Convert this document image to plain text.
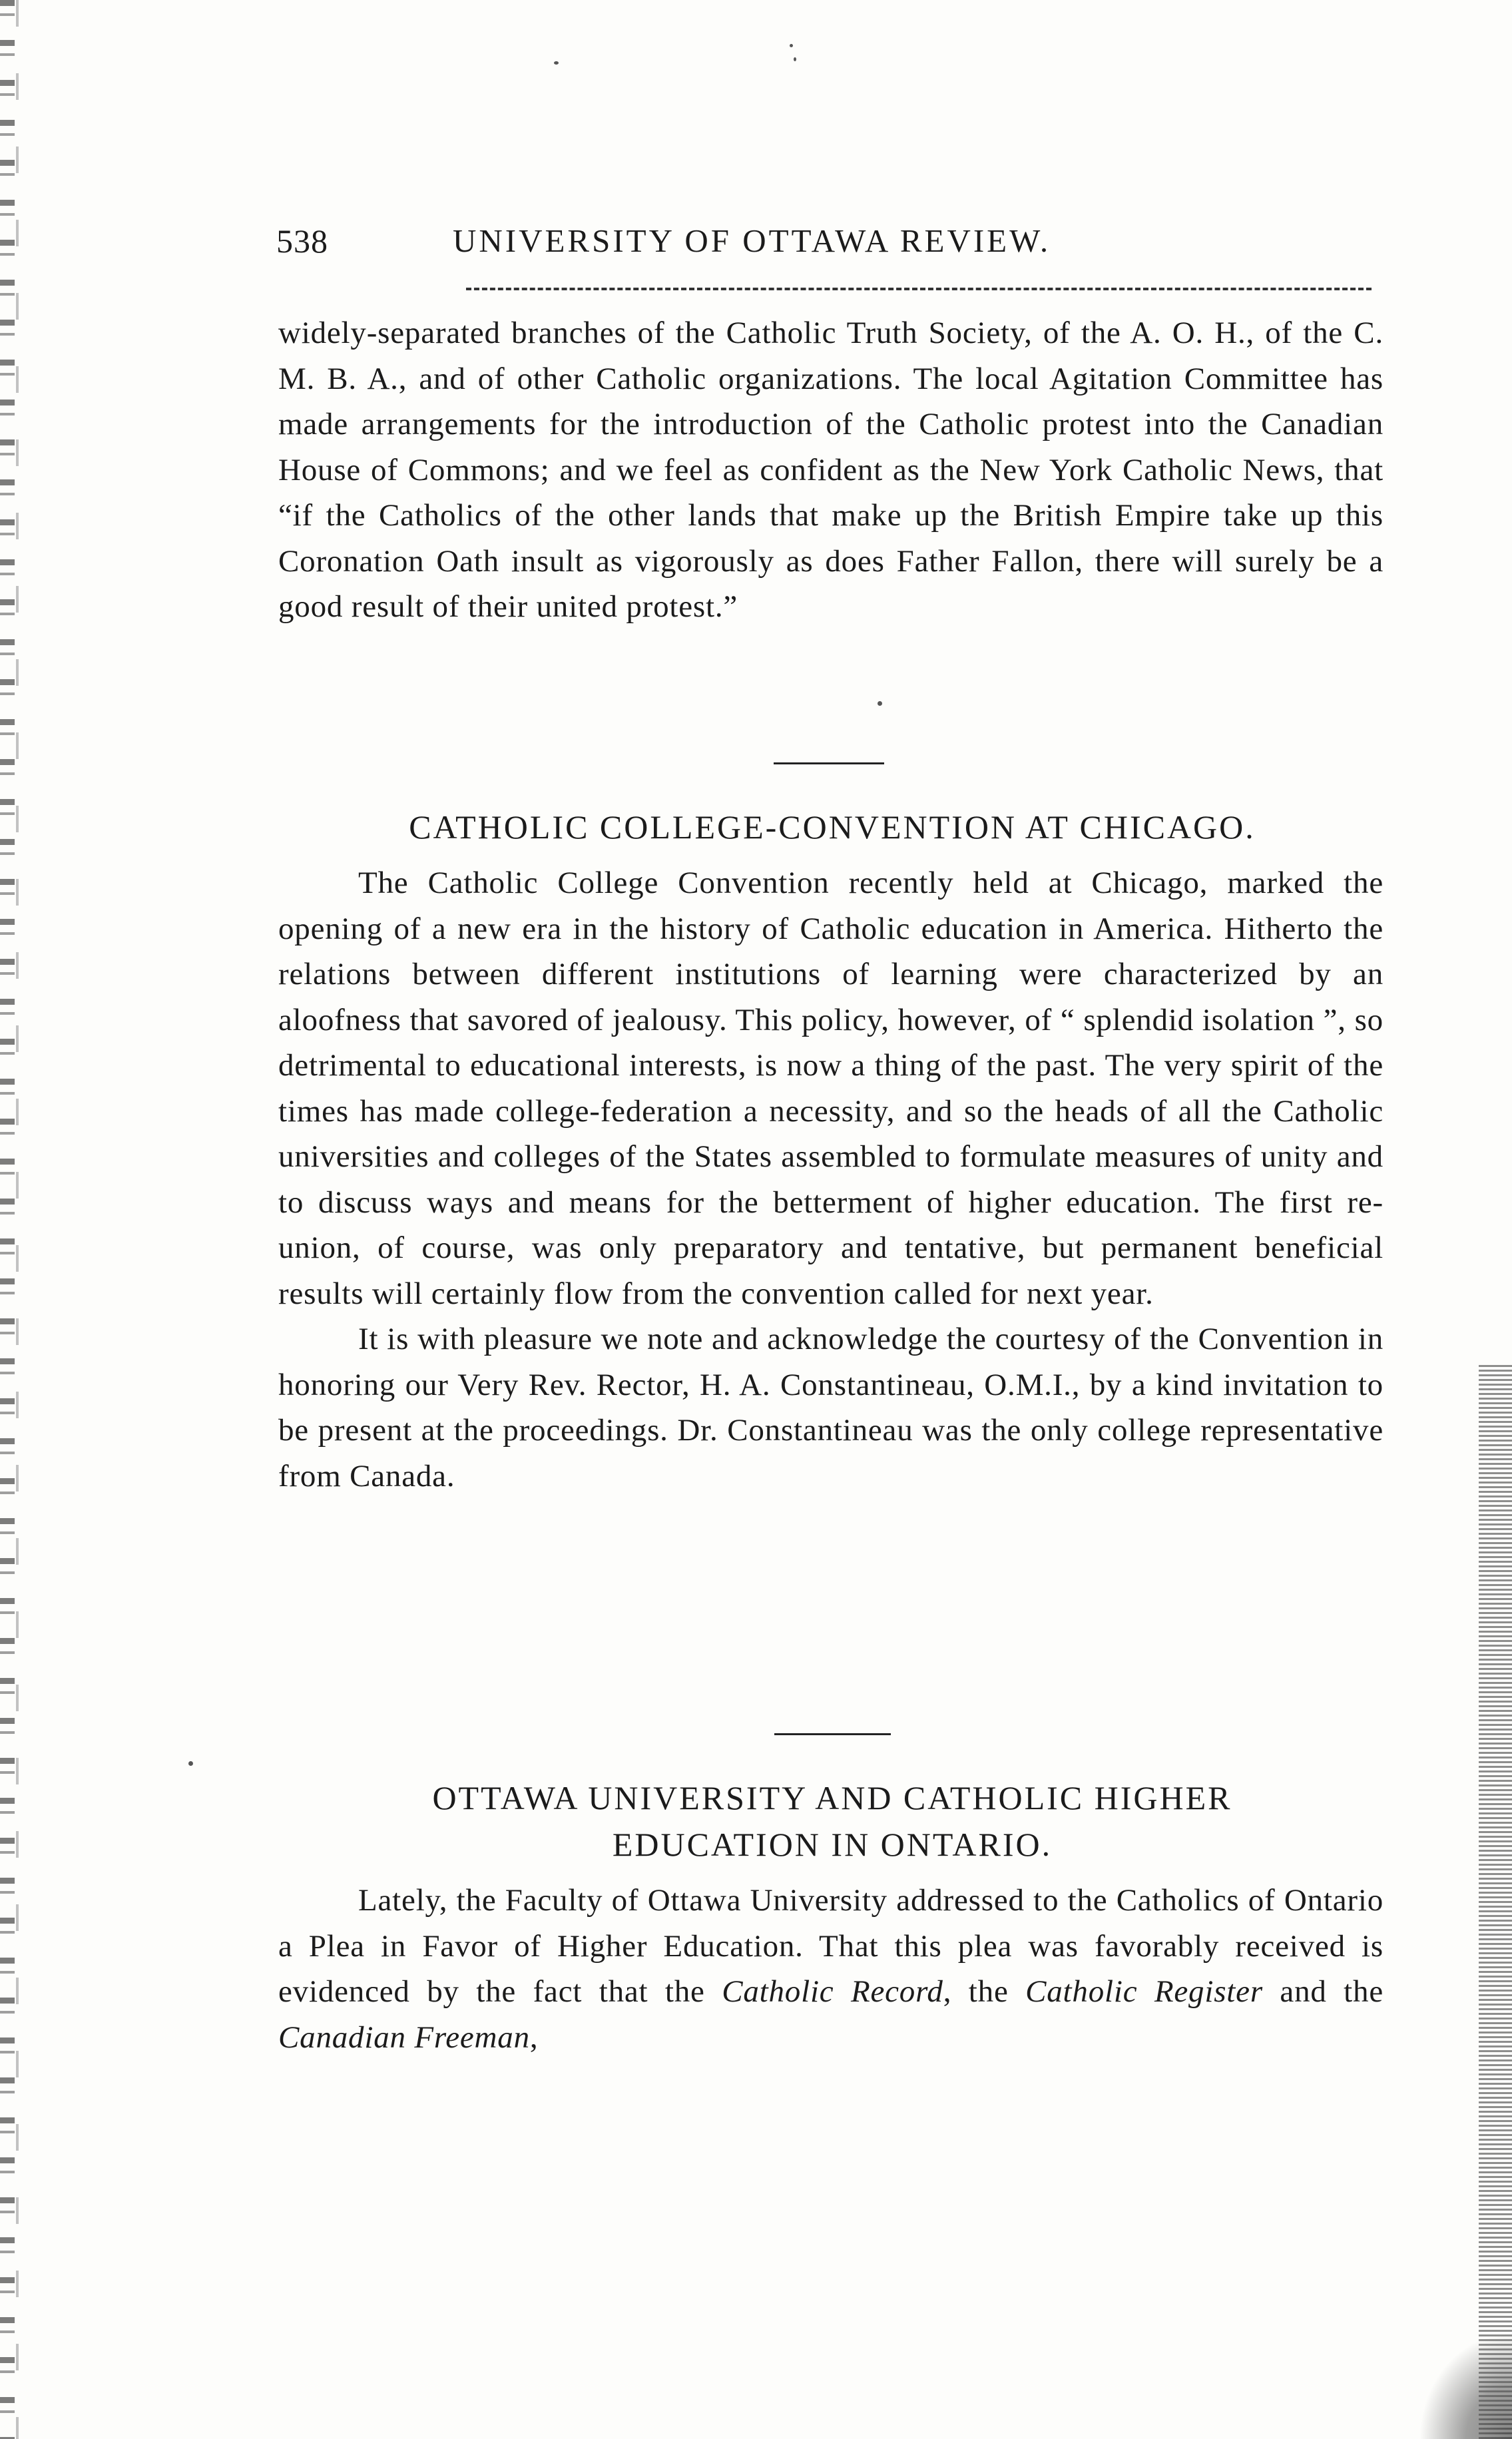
538	UNIVERSITY OF OTTAWA REVIEW.

widely-separated branches of the Catholic Truth Society, of the A. O. H., of the C. M. B. A., and of other Catholic organizations. The local Agitation Committee has made arrangements for the introduction of the Catholic protest into the Canadian House of Commons; and we feel as confident as the New York Catholic News, that “if the Catholics of the other lands that make up the British Empire take up this Coronation Oath insult as vigorously as does Father Fallon, there will surely be a good result of their united protest.”

CATHOLIC COLLEGE-CONVENTION AT CHICAGO.

The Catholic College Convention recently held at Chicago, marked the opening of a new era in the history of Catholic education in America. Hitherto the relations between different institutions of learning were characterized by an aloofness that savored of jealousy. This policy, however, of “ splendid isolation ”, so detrimental to educational interests, is now a thing of the past. The very spirit of the times has made college-federation a necessity, and so the heads of all the Catholic universities and colleges of the States assembled to formulate measures of unity and to discuss ways and means for the betterment of higher education. The first re-union, of course, was only preparatory and tentative, but permanent beneficial results will certainly flow from the convention called for next year.

It is with pleasure we note and acknowledge the courtesy of the Convention in honoring our Very Rev. Rector, H. A. Constantineau, O.M.I., by a kind invitation to be present at the proceedings. Dr. Constantineau was the only college representative from Canada.

OTTAWA UNIVERSITY AND CATHOLIC HIGHER
EDUCATION IN ONTARIO.

Lately, the Faculty of Ottawa University addressed to the Catholics of Ontario a Plea in Favor of Higher Education. That this plea was favorably received is evidenced by the fact that the Catholic Record, the Catholic Register and the Canadian Freeman,
